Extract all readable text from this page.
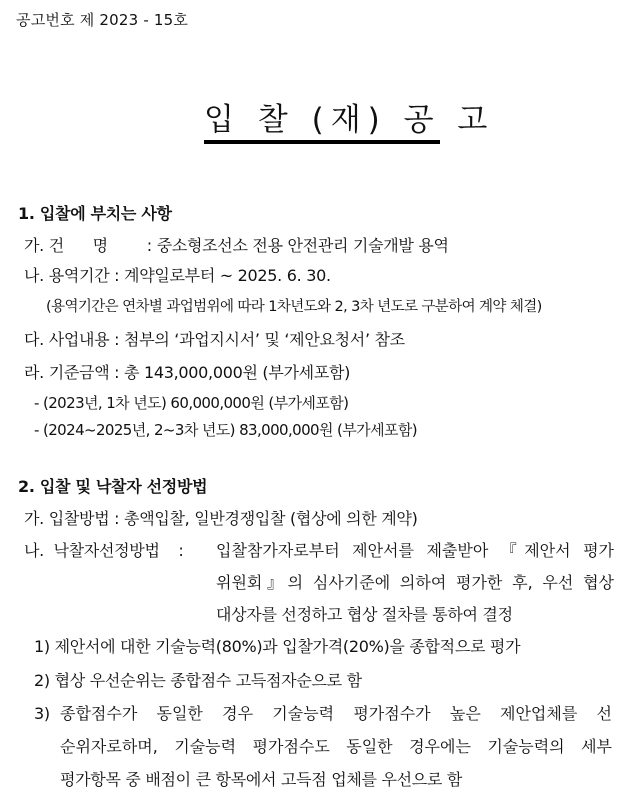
공고번호 제 2023 - 15호
입 찰 (재) 공 고
1. 입찰에 부치는 사항
가. 건      명 : 중소형조선소 전용 안전관리 기술개발 용역
나. 용역기간 : 계약일로부터 ~ 2025. 6. 30.
(용역기간은 연차별 과업범위에 따라 1차년도와 2, 3차 년도로 구분하여 계약 체결)
다. 사업내용 : 첨부의 ‘과업지시서’ 및 ‘제안요청서’ 참조
라. 기준금액 : 총 143,000,000원 (부가세포함)
- (2023년, 1차 년도) 60,000,000원 (부가세포함)
- (2024~2025년, 2~3차 년도) 83,000,000원 (부가세포함)
2. 입찰 및 낙찰자 선정방법
가. 입찰방법 : 총액입찰, 일반경쟁입찰 (협상에 의한 계약)
나.  낙찰자선정방법 : 입찰참가자로부터 제안서를 제출받아 『제안서 평가
위원회』의 심사기준에 의하여 평가한 후, 우선 협상
대상자를 선정하고 협상 절차를 통하여 결정
1) 제안서에 대한 기술능력(80%)과 입찰가격(20%)을 종합적으로 평가
2) 협상 우선순위는 종합점수 고득점자순으로 함
3) 종합점수가 동일한 경우 기술능력 평가점수가 높은 제안업체를 선
순위자로하며, 기술능력 평가점수도 동일한 경우에는 기술능력의 세부
평가항목 중 배점이 큰 항목에서 고득점 업체를 우선으로 함
